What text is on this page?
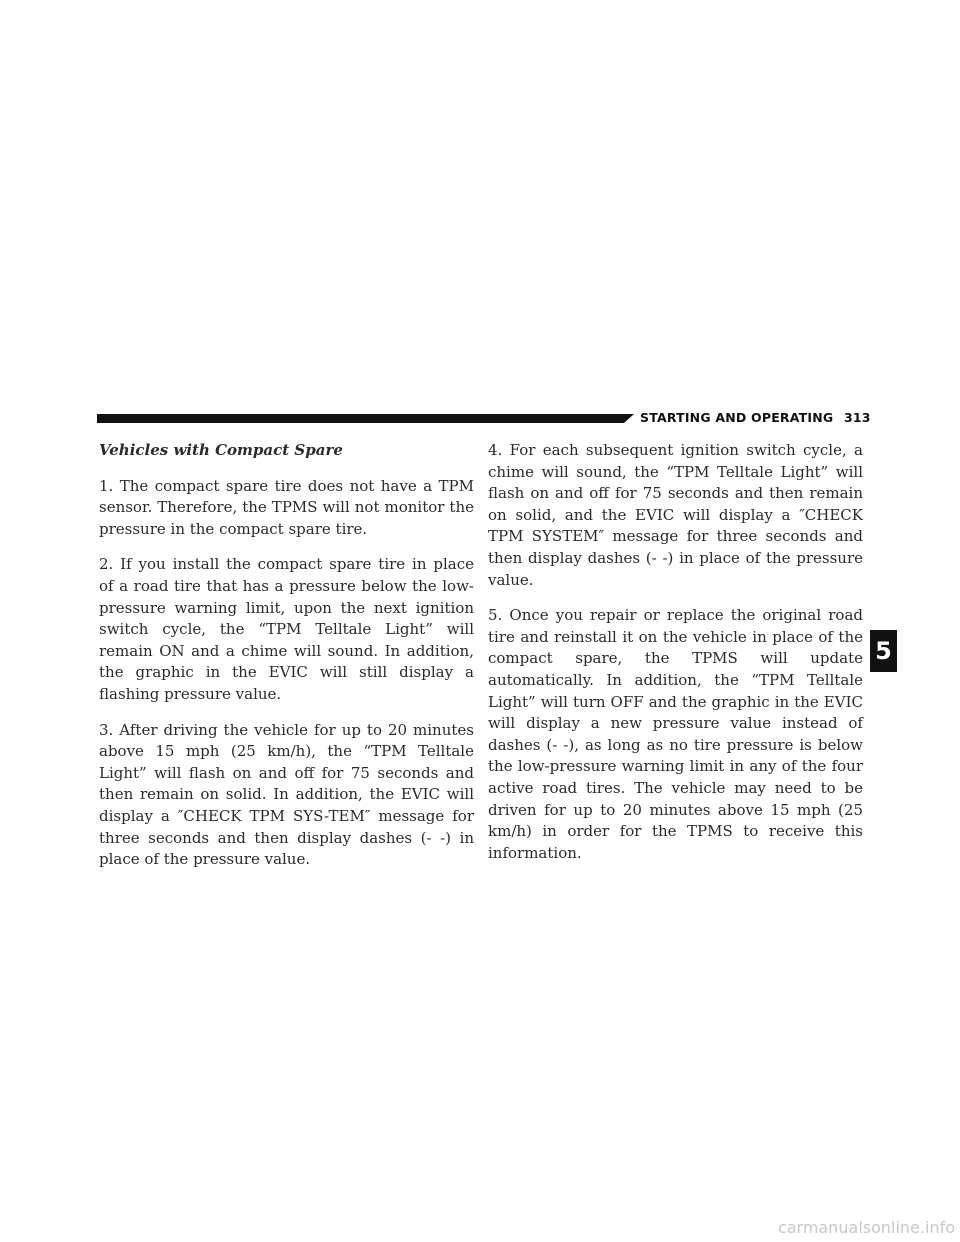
STARTING AND OPERATING 313
Vehicles with Compact Spare

1. The compact spare tire does not have a TPM sensor. Therefore, the TPMS will not monitor the pressure in the compact spare tire.

2. If you install the compact spare tire in place of a road tire that has a pressure below the low-pressure warning limit, upon the next ignition switch cycle, the “TPM Telltale Light” will remain ON and a chime will sound. In addition, the graphic in the EVIC will still display a flashing pressure value.

3. After driving the vehicle for up to 20 minutes above 15 mph (25 km/h), the “TPM Telltale Light” will flash on and off for 75 seconds and then remain on solid. In addition, the EVIC will display a ″CHECK TPM SYS-TEM″ message for three seconds and then display dashes (- -) in place of the pressure value.

4. For each subsequent ignition switch cycle, a chime will sound, the “TPM Telltale Light” will flash on and off for 75 seconds and then remain on solid, and the EVIC will display a ″CHECK TPM SYSTEM″ message for three seconds and then display dashes (- -) in place of the pressure value.

5. Once you repair or replace the original road tire and reinstall it on the vehicle in place of the compact spare, the TPMS will update automatically. In addition, the “TPM Telltale Light” will turn OFF and the graphic in the EVIC will display a new pressure value instead of dashes (- -), as long as no tire pressure is below the low-pressure warning limit in any of the four active road tires. The vehicle may need to be driven for up to 20 minutes above 15 mph (25 km/h) in order for the TPMS to receive this information.

5
carmanualsonline.info
